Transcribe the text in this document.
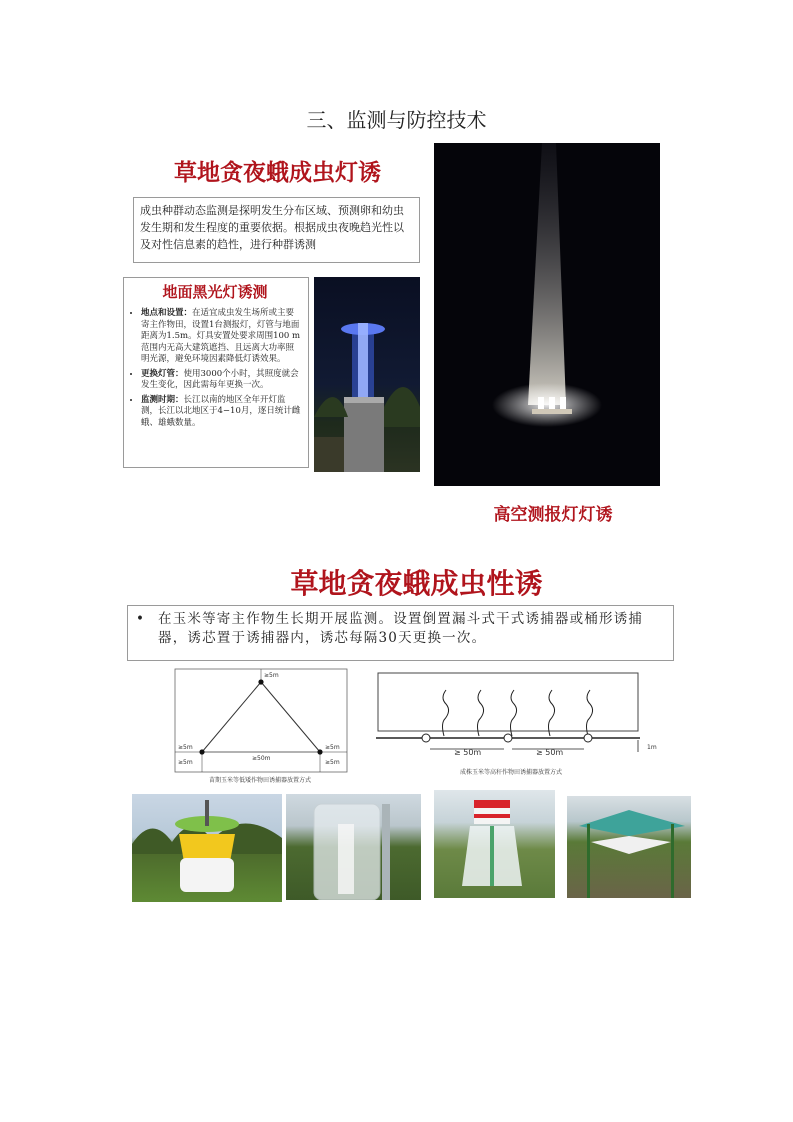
三、监测与防控技术
草地贪夜蛾成虫灯诱
成虫种群动态监测是探明发生分布区域、预测卵和幼虫发生期和发生程度的重要依据。根据成虫夜晚趋光性以及对性信息素的趋性，进行种群诱测
地面黑光灯诱测
• 地点和设置：在适宜成虫发生场所或主要寄主作物田，设置1台测报灯，灯管与地面距离为1.5m。灯具安置处要求周围100 m范围内无高大建筑遮挡、且远离大功率照明光源，避免环境因素降低灯诱效果。
• 更换灯管：使用3000个小时，其照度就会发生变化，因此需每年更换一次。
• 监测时期：长江以南的地区全年开灯监测，长江以北地区于4−10月，逐日统计雌蛾、雄蛾数量。
高空测报灯灯诱
草地贪夜蛾成虫性诱
•	在玉米等寄主作物生长期开展监测。设置倒置漏斗式干式诱捕器或桶形诱捕器，诱芯置于诱捕器内，诱芯每隔30天更换一次。
≥5m
≥5m	≥5m
≥50m
≥5m	≥5m
苗期玉米等低矮作物田诱捕器放置方式
≥ 50m	≥ 50m
1m
成株玉米等高秆作物田诱捕器放置方式
